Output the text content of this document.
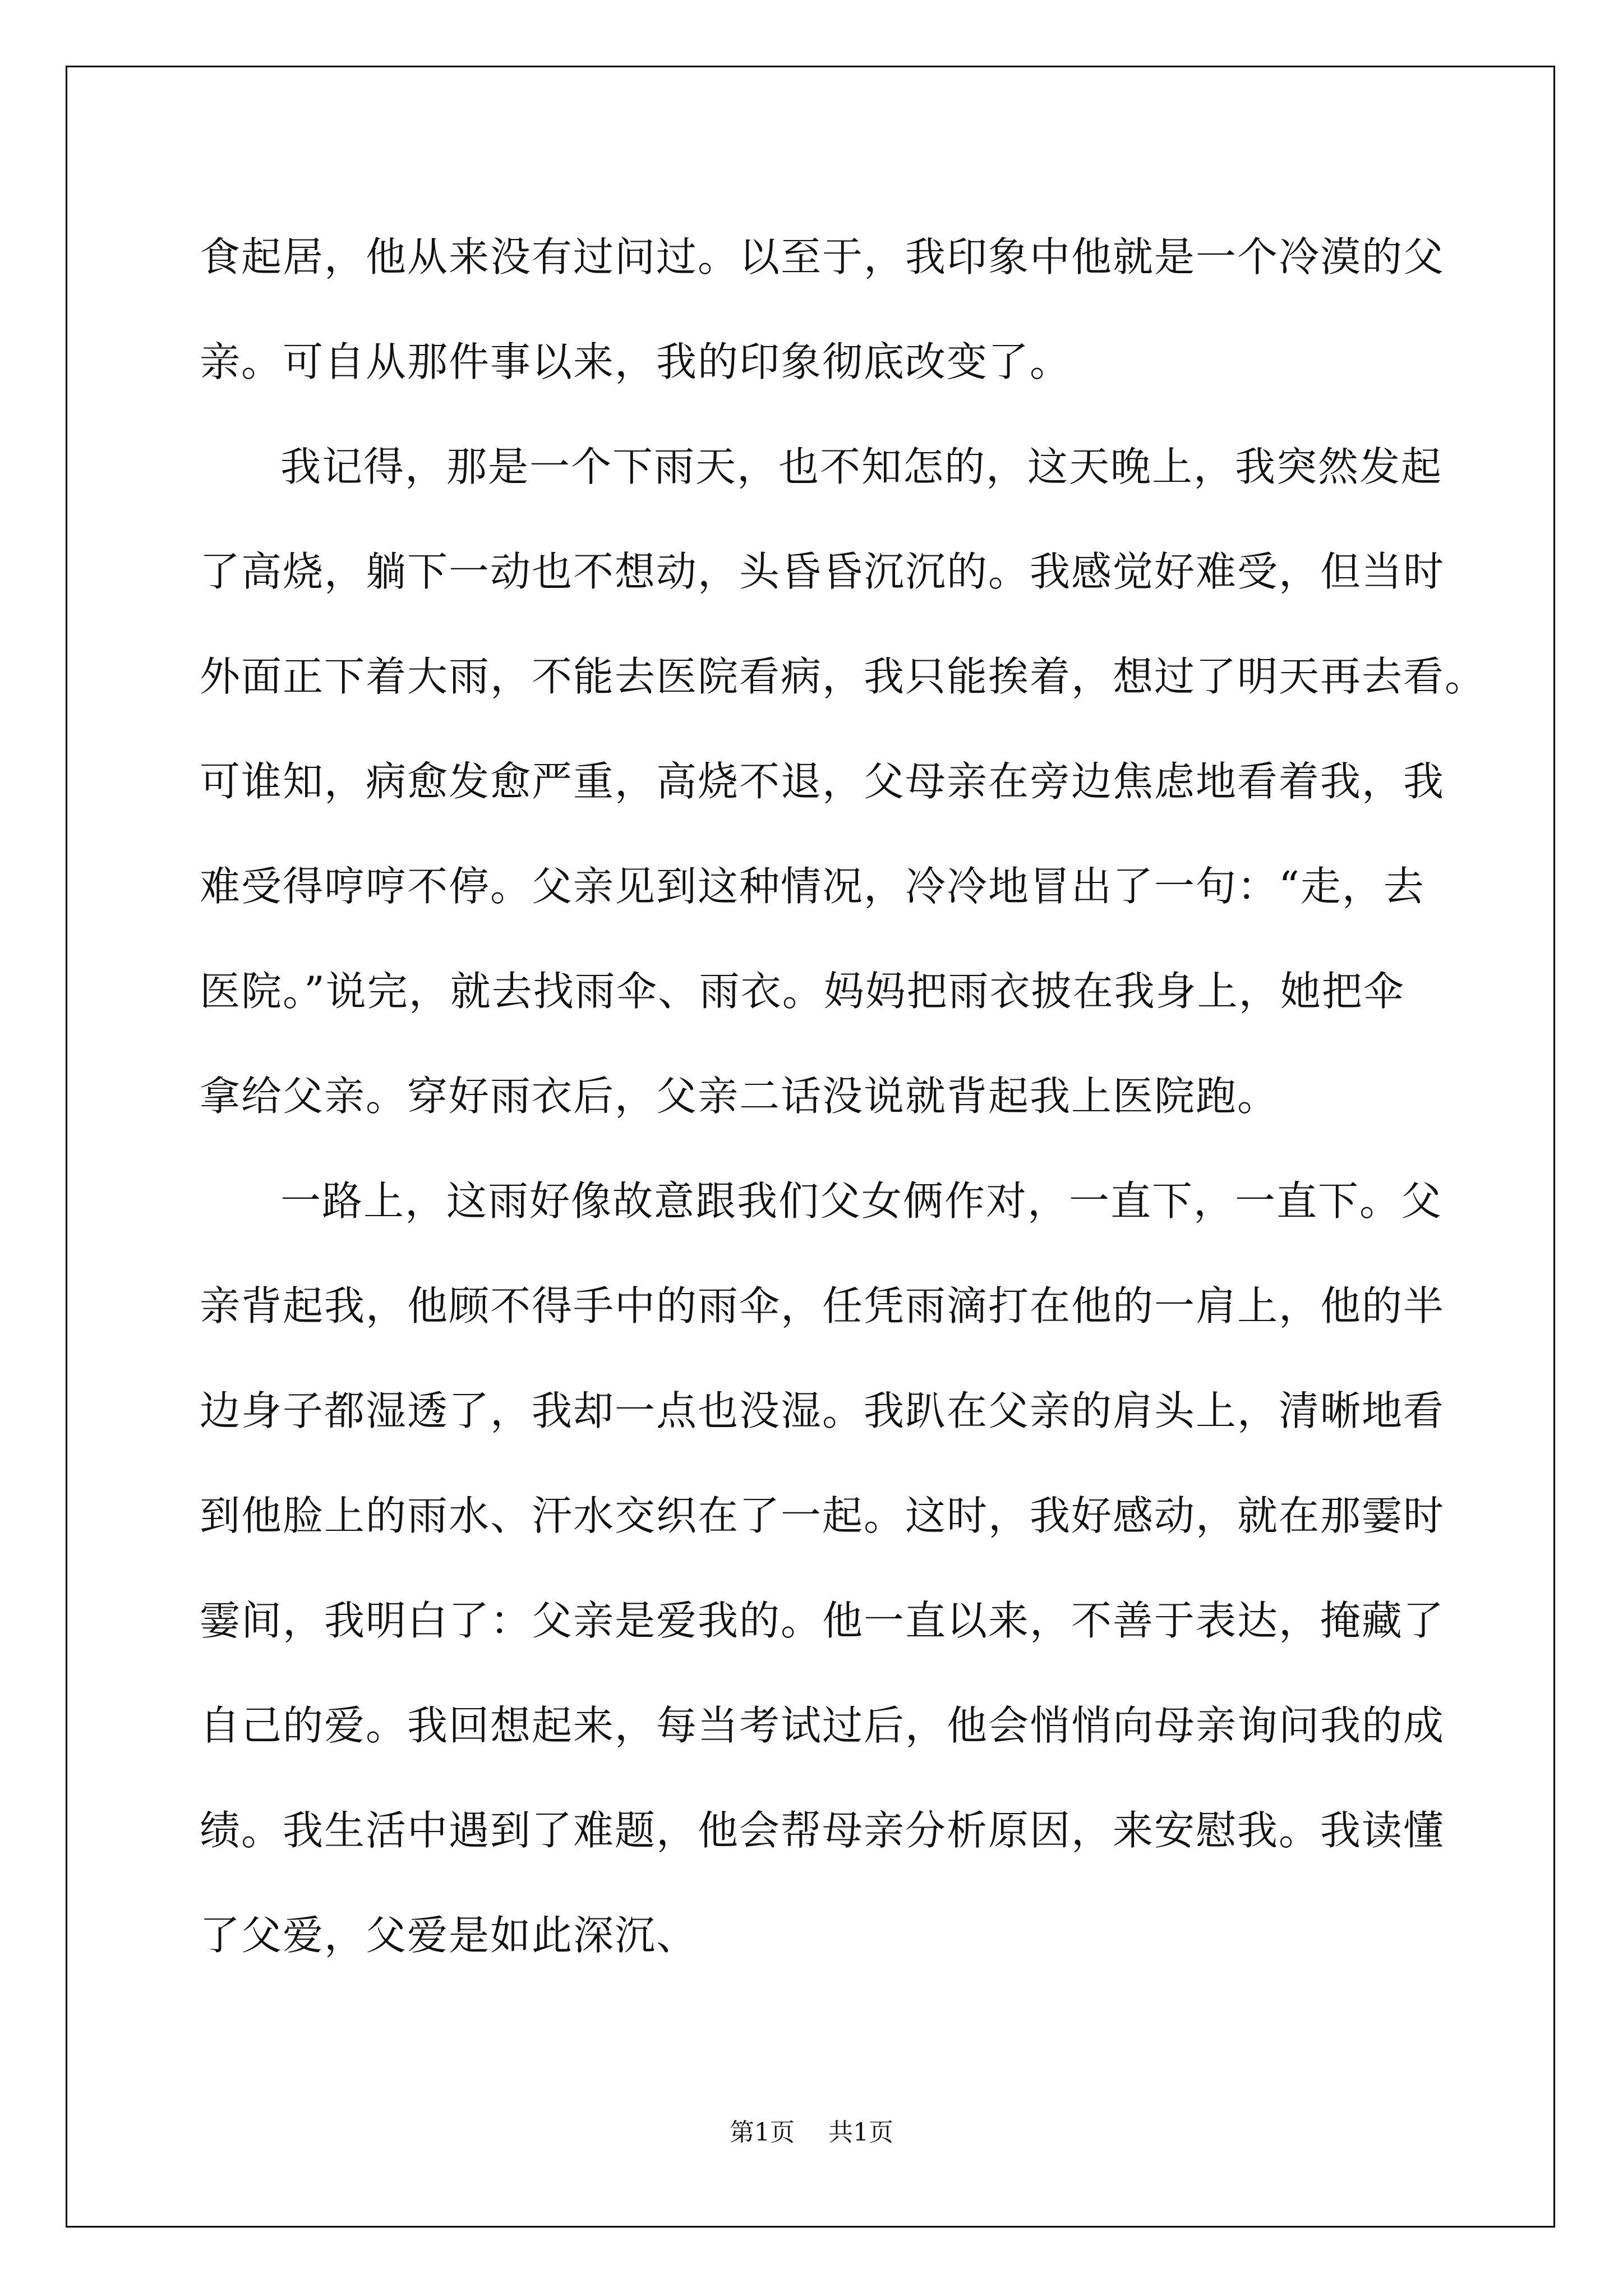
食起居，他从来没有过问过。以至于，我印象中他就是一个冷漠的父
亲。可自从那件事以来，我的印象彻底改变了。
我记得，那是一个下雨天，也不知怎的，这天晚上，我突然发起
了高烧，躺下一动也不想动，头昏昏沉沉的。我感觉好难受，但当时
外面正下着大雨，不能去医院看病，我只能挨着，想过了明天再去看。
可谁知，病愈发愈严重，高烧不退，父母亲在旁边焦虑地看着我，我
难受得哼哼不停。父亲见到这种情况，冷冷地冒出了一句：“走，去
医院。”说完，就去找雨伞、雨衣。妈妈把雨衣披在我身上，她把伞
拿给父亲。穿好雨衣后，父亲二话没说就背起我上医院跑。
一路上，这雨好像故意跟我们父女俩作对，一直下，一直下。父
亲背起我，他顾不得手中的雨伞，任凭雨滴打在他的一肩上，他的半
边身子都湿透了，我却一点也没湿。我趴在父亲的肩头上，清晰地看
到他脸上的雨水、汗水交织在了一起。这时，我好感动，就在那霎时
霎间，我明白了：父亲是爱我的。他一直以来，不善于表达，掩藏了
自己的爱。我回想起来，每当考试过后，他会悄悄向母亲询问我的成
绩。我生活中遇到了难题，他会帮母亲分析原因，来安慰我。我读懂
了父爱，父爱是如此深沉、
第1页 共1页
